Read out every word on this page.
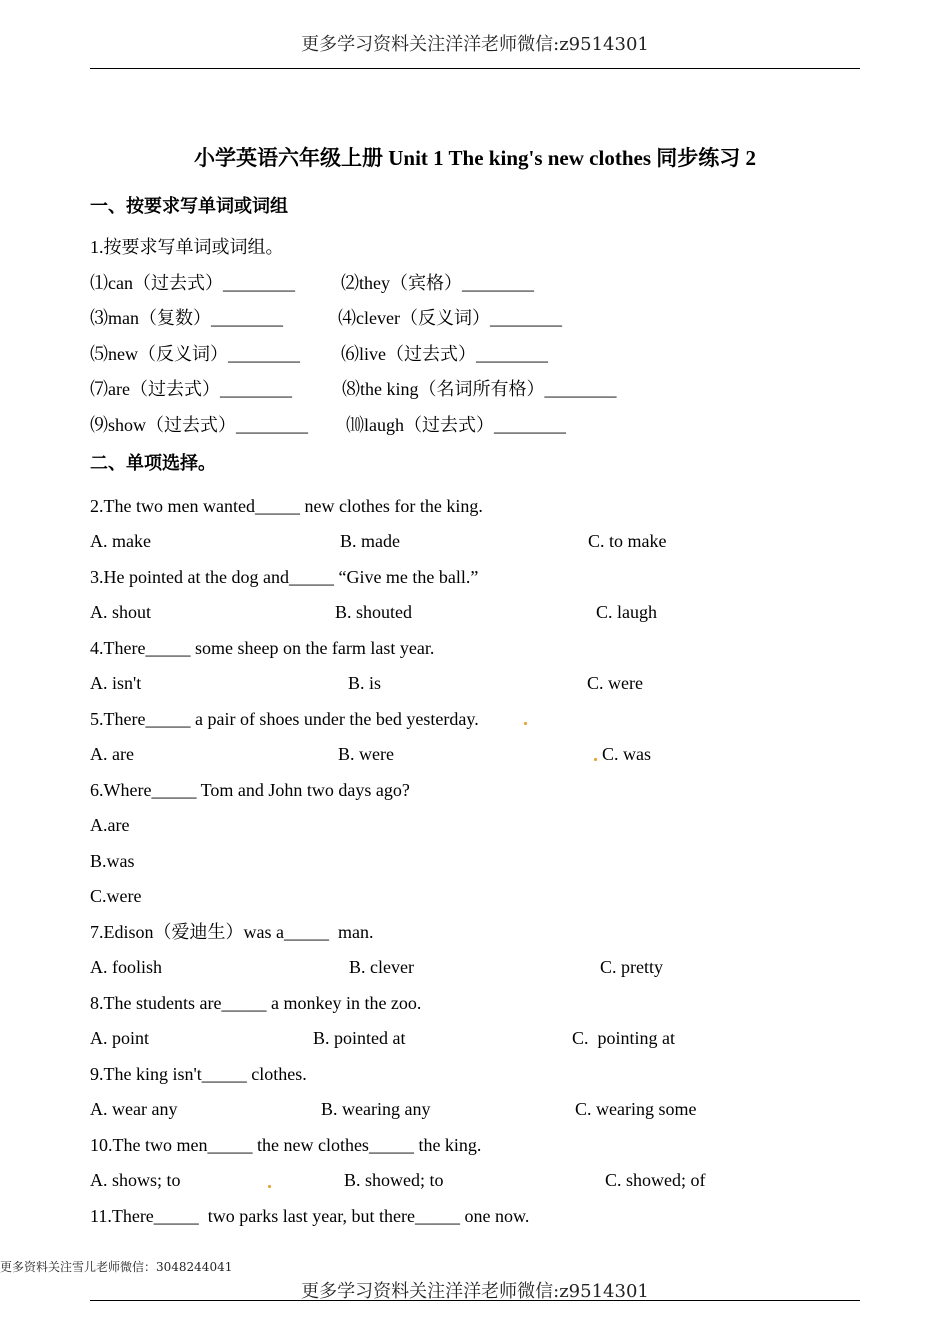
更多学习资料关注洋洋老师微信:z9514301
小学英语六年级上册 Unit 1 The king's new clothes 同步练习 2
一、按要求写单词或词组
1.按要求写单词或词组。
⑴can（过去式）________	⑵they（宾格）________
⑶man（复数）________	⑷clever（反义词）________
⑸new（反义词）________ ⑹live（过去式）________
⑺are（过去式）________	⑻the king（名词所有格）________
⑼show（过去式）________ ⑽laugh（过去式）________
二、单项选择。
2.The two men wanted_____ new clothes for the king.
A. make	B. made	C. to make
3.He pointed at the dog and_____ “Give me the ball.”
A. shout	B. shouted	C. laugh
4.There_____ some sheep on the farm last year.
A. isn't	B. is	C. were
5.There_____ a pair of shoes under the bed yesterday.
A. are	B. were	C. was
6.Where_____ Tom and John two days ago?
A.are
B.was
C.were
7.Edison（爱迪生）was a_____  man.
A. foolish	B. clever	C. pretty
8.The students are_____ a monkey in the zoo.
A. point	B. pointed at	C.  pointing at
9.The king isn't_____ clothes.
A. wear any	B. wearing any	C. wearing some
10.The two men_____ the new clothes_____ the king.
A. shows; to	B. showed; to	C. showed; of
11.There_____  two parks last year, but there_____ one now.
更多资料关注雪儿老师微信：3048244041
更多学习资料关注洋洋老师微信:z9514301
